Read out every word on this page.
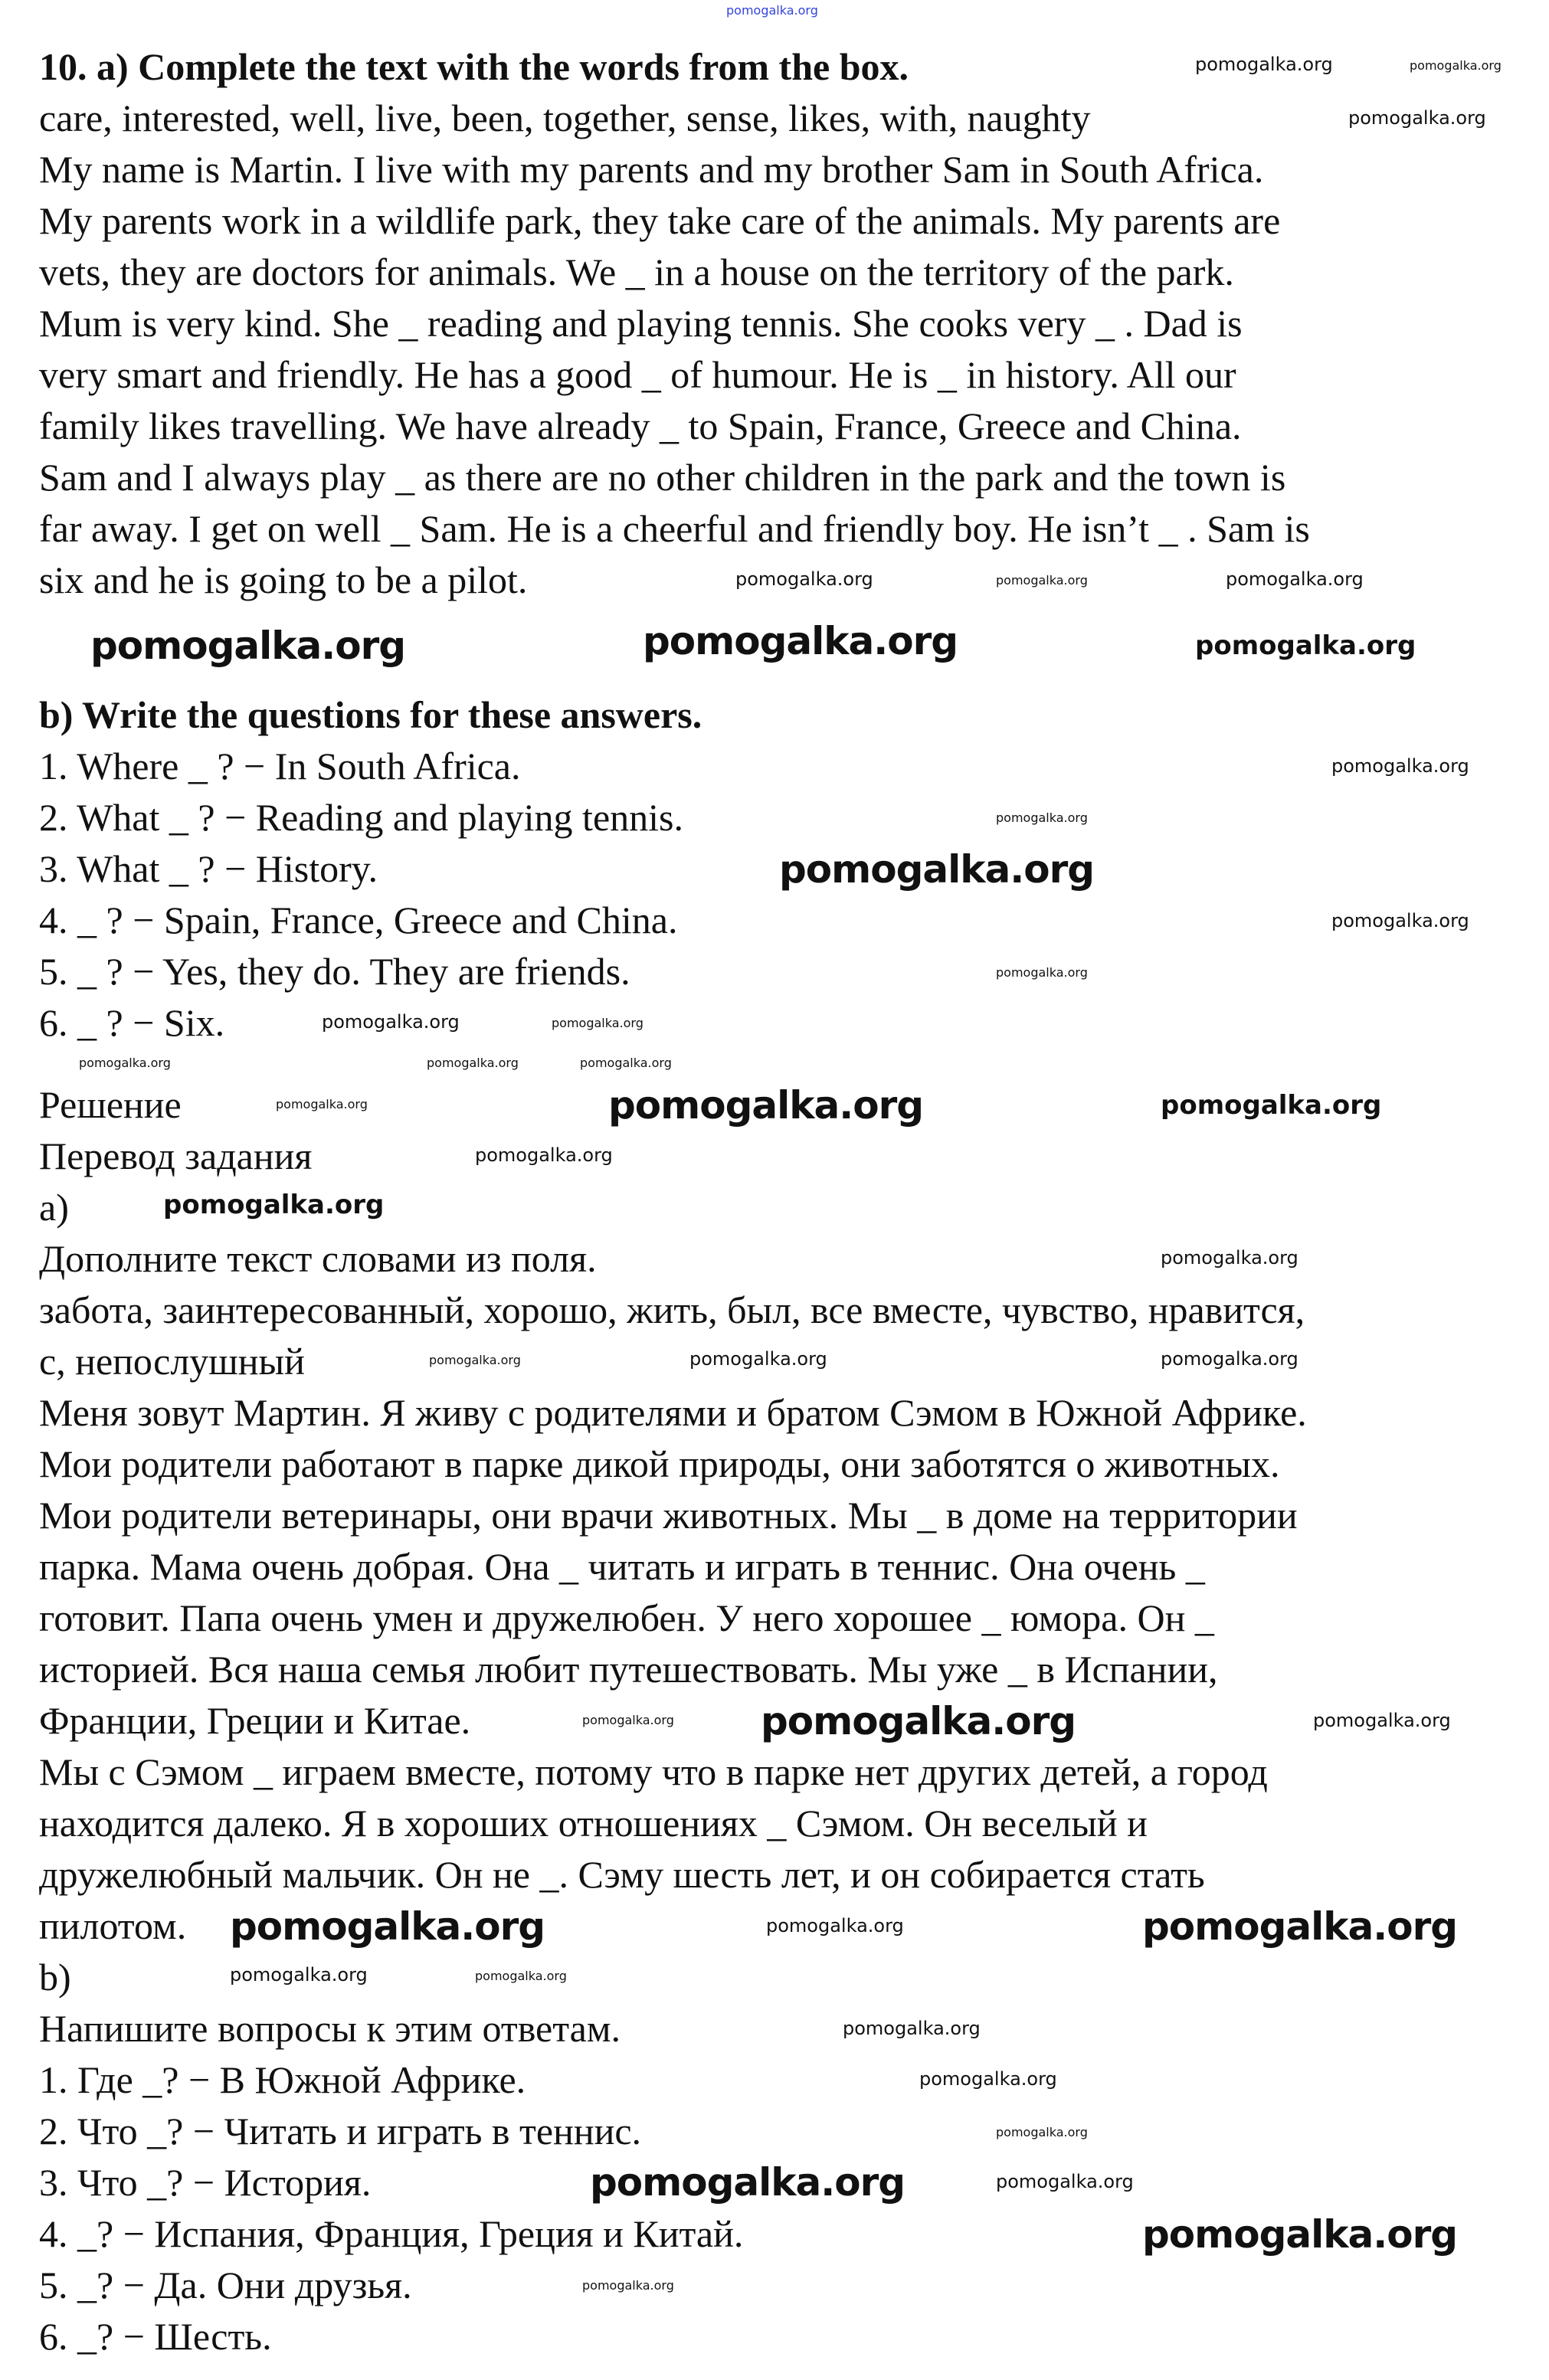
10. a) Complete the text with the words from the box.
care, interested, well, live, been, together, sense, likes, with, naughty
My name is Martin. I live with my parents and my brother Sam in South Africa.
My parents work in a wildlife park, they take care of the animals. My parents are
vets, they are doctors for animals. We _ in a house on the territory of the park.
Mum is very kind. She _ reading and playing tennis. She cooks very _ . Dad is
very smart and friendly. He has a good _ of humour. He is _ in history. All our
family likes travelling. We have already _ to Spain, France, Greece and China.
Sam and I always play _ as there are no other children in the park and the town is
far away. I get on well _ Sam. He is a cheerful and friendly boy. He isn’t _ . Sam is
six and he is going to be a pilot.
b) Write the questions for these answers.
1. Where _ ? − In South Africa.
2. What _ ? − Reading and playing tennis.
3. What _ ? − History.
4. _ ? − Spain, France, Greece and China.
5. _ ? − Yes, they do. They are friends.
6. _ ? − Six.
Решение
Перевод задания
а)
Дополните текст словами из поля.
забота, заинтересованный, хорошо, жить, был, все вместе, чувство, нравится,
с, непослушный
Меня зовут Мартин. Я живу с родителями и братом Сэмом в Южной Африке.
Мои родители работают в парке дикой природы, они заботятся о животных.
Мои родители ветеринары, они врачи животных. Мы _ в доме на территории
парка. Мама очень добрая. Она _ читать и играть в теннис. Она очень _
готовит. Папа очень умен и дружелюбен. У него хорошее _ юмора. Он _
историей. Вся наша семья любит путешествовать. Мы уже _ в Испании,
Франции, Греции и Китае.
Мы с Сэмом _ играем вместе, потому что в парке нет других детей, а город
находится далеко. Я в хороших отношениях _ Сэмом. Он веселый и
дружелюбный мальчик. Он не _. Сэму шесть лет, и он собирается стать
пилотом.
b)
Напишите вопросы к этим ответам.
1. Где _? − В Южной Африке.
2. Что _? − Читать и играть в теннис.
3. Что _? − История.
4. _? − Испания, Франция, Греция и Китай.
5. _? − Да. Они друзья.
6. _? − Шесть.
pomogalka.org
pomogalka.org	pomogalka.org
pomogalka.org
pomogalka.org	pomogalka.org	pomogalka.org
pomogalka.org	pomogalka.org	pomogalka.org
pomogalka.org
pomogalka.org
pomogalka.org
pomogalka.org
pomogalka.org
pomogalka.org	pomogalka.org
pomogalka.org	pomogalka.org	pomogalka.org
pomogalka.org	pomogalka.org	pomogalka.org
pomogalka.org
pomogalka.org
pomogalka.org
pomogalka.org	pomogalka.org	pomogalka.org
pomogalka.org pomogalka.org	pomogalka.org
pomogalka.org	pomogalka.org	pomogalka.org
pomogalka.org	pomogalka.org
pomogalka.org
pomogalka.org
pomogalka.org
pomogalka.org	pomogalka.org
pomogalka.org
pomogalka.org
